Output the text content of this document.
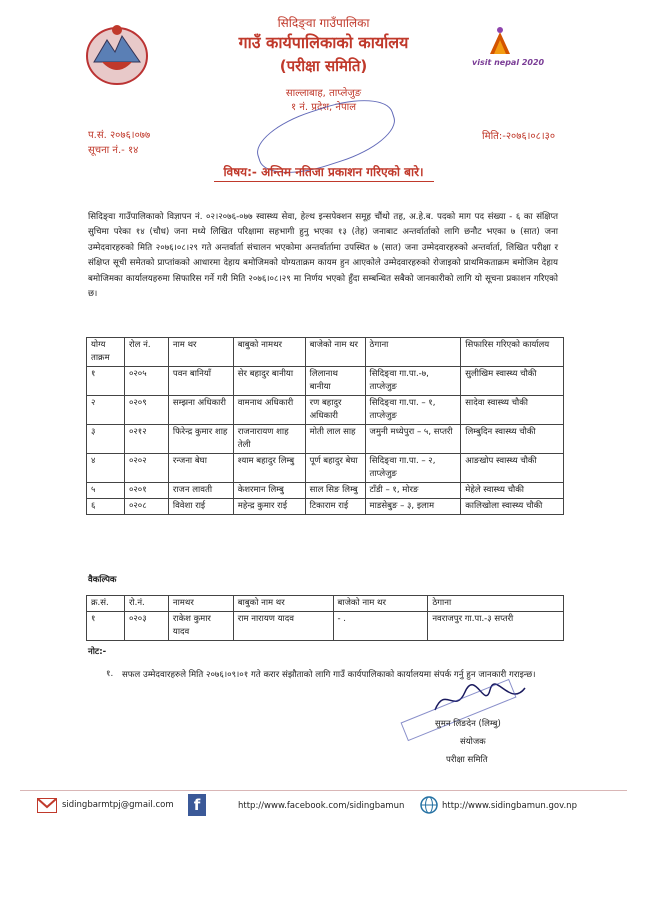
सिदिङ्वा गाउँपालिका
गाउँ कार्यपालिकाको कार्यालय
(परीक्षा समिति)
साल्लाबाह, ताप्लेजुङ
१ नं. प्रदेश, नेपाल
visit nepal 2020
प.सं. २०७६।०७७
सूचना नं.- १४
मिति:-२०७६।०८।३०
विषय:- अन्तिम नतिजा प्रकाशन गरिएको बारे।
सिदिङ्वा गाउँपालिकाको विज्ञापन नं. ०२।२०७६-०७७ स्वास्थ्य सेवा, हेल्थ इन्सपेक्शन समूह चौंथो तह, अ.हे.ब. पदको माग पद संख्या - ६ का संक्षिप्त सुचिमा परेका १४ (चौध) जना मध्ये लिखित परिक्षामा सहभागी हुनु भएका १३ (तेह) जनाबाट अन्तर्वार्ताको लागि छनौट भएका ७ (सात) जना उम्मेदवारहरुको मिति २०७६।०८।२९ गते अन्तर्वार्ता संचालन भएकोमा अन्तर्वार्तामा उपस्थित ७ (सात) जना उम्मेदवारहरुको अन्तर्वार्ता, लिखित परीक्षा र संक्षिप्त सूची समेतको प्राप्तांकको आधारमा देहाय बमोजिमको योग्यताक्रम कायम हुन आएकोले उम्मेदवारहरुको रोजाइको प्राथमिकताक्रम बमोजिम देहाय बमोजिमका कार्यालयहरुमा सिफारिस गर्ने गरी मिति २०७६।०८।२९ मा निर्णय भएको हुँदा सम्बन्धित सबैको जानकारीको लागि यो सूचना प्रकाशन गरिएको छ।
योग्य ताक्रम	रोल नं.	नाम थर	बाबुको नामथर	बाजेको नाम थर	ठेगाना	सिफारिस गरिएको कार्यालय
१	०२०५	पवन बानियाँ	सेर बहादुर बानीया	लिलानाथ बानीया	सिदिङ्वा गा.पा.-७, ताप्लेजुङ	सुलीखिम स्वास्थ्य चौकी
२	०२०९	सम्झना अधिकारी	वामनाथ अधिकारी	रण बहादुर अधिकारी	सिदिङ्वा गा.पा. – १, ताप्लेजुङ	सादेवा स्वास्थ्य चौकी
३	०२१२	फिरेन्द्र कुमार शाह	राजनारायण शाह तेली	मोती लाल साह	जमुनी मध्येपुरा – ५, सप्तरी	लिम्बुदिन स्वास्थ्य चौकी
४	०२०२	रन्जना बेघा	श्याम बहादुर लिम्बु	पूर्ण बहादुर बेघा	सिदिङ्वा गा.पा. – २, ताप्लेजुङ	आङखोप स्वास्थ्य चौकी
५	०२०१	राजन लावती	केशरमान लिम्बु	साल सिङ लिम्बु	टाँडी – १, मोरङ	मेहेले स्वास्थ्य चौकी
६	०२०८	विवेशा राई	महेन्द्र कुमार राई	टिकाराम राई	माडसेबुङ – ३, इलाम	कालिखोला स्वास्थ्य चौकी
वैकल्पिक
क्र.सं.	रो.नं.	नामथर	बाबुको नाम थर	बाजेको नाम थर	ठेगाना
१	०२०३	राकेश कुमार यादव	राम नारायण यादव	- .	नवराजपुर गा.पा.-३ सप्तरी
नोट:-
१. सफल उम्मेदवारहरुले मिति २०७६।०९।०१ गते करार संझौताको लागि गाउँ कार्यपालिकाको कार्यालयमा संपर्क गर्नु हुन जानकारी गराइन्छ।
सुमन लिङदेन (लिम्बु)
संयोजक
परीक्षा समिति
sidingbarmtpj@gmail.com	f	http://www.facebook.com/sidingbamun	http://www.sidingbamun.gov.np
